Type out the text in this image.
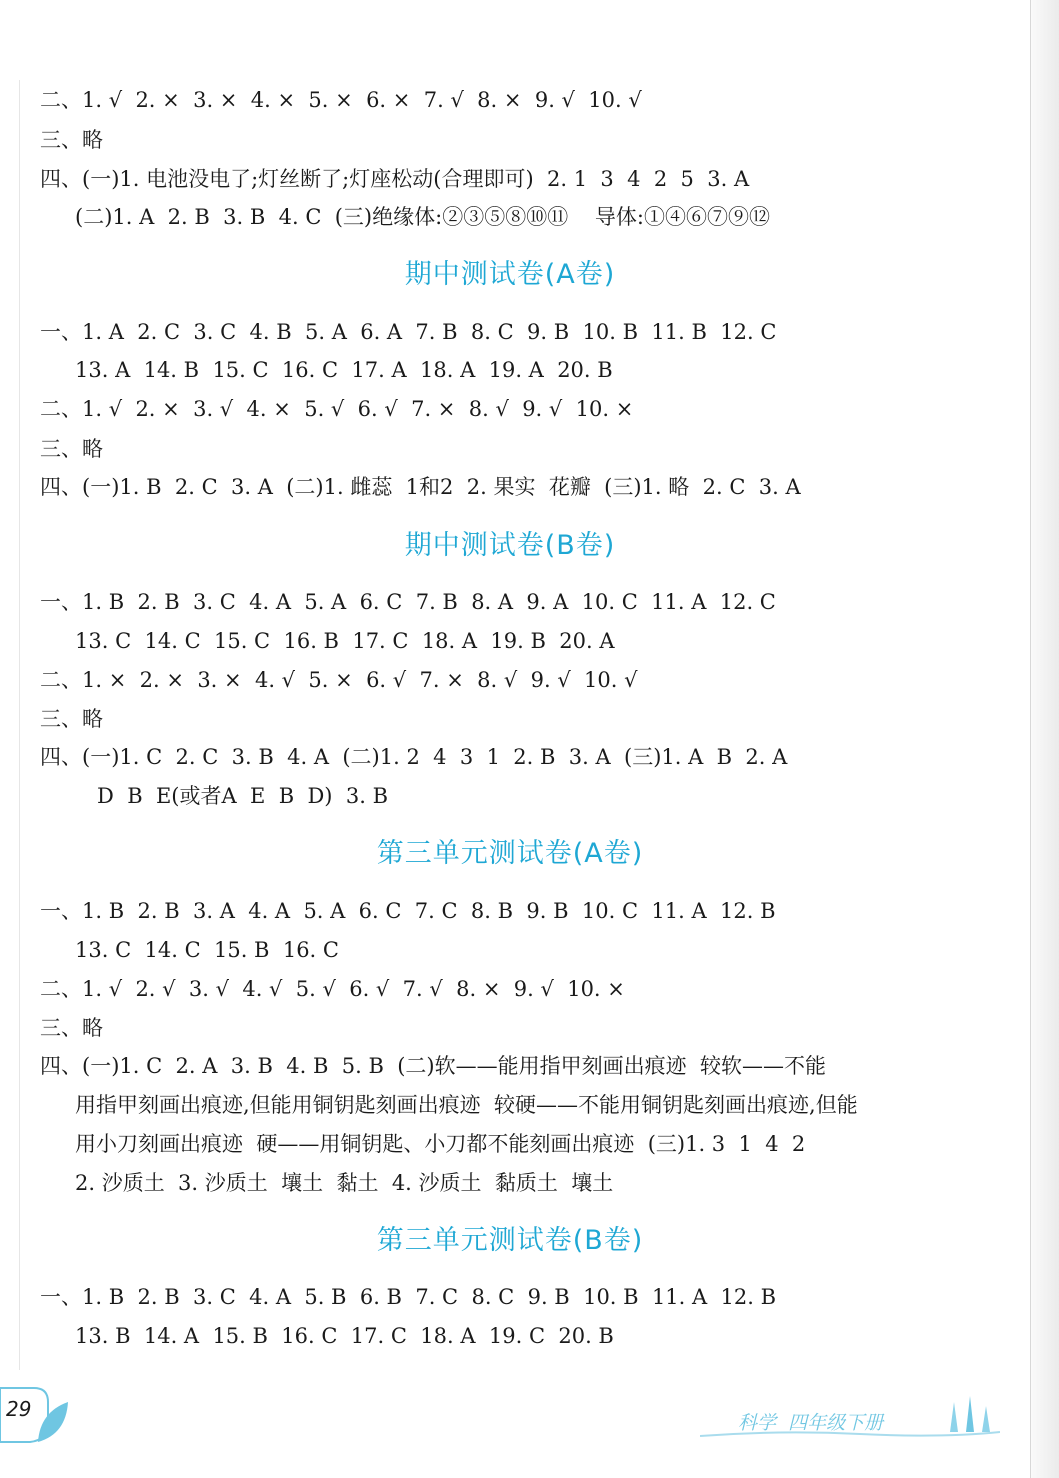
二、1. √  2. ×  3. ×  4. ×  5. ×  6. ×  7. √  8. ×  9. √  10. √
三、略
四、(一)1. 电池没电了;灯丝断了;灯座松动(合理即可)  2. 1  3  4  2  5  3. A
(二)1. A  2. B  3. B  4. C  (三)绝缘体:②③⑤⑧⑩⑪    导体:①④⑥⑦⑨⑫
期中测试卷(A卷)
一、1. A  2. C  3. C  4. B  5. A  6. A  7. B  8. C  9. B  10. B  11. B  12. C
13. A  14. B  15. C  16. C  17. A  18. A  19. A  20. B
二、1. √  2. ×  3. √  4. ×  5. √  6. √  7. ×  8. √  9. √  10. ×
三、略
四、(一)1. B  2. C  3. A  (二)1. 雌蕊  1和2  2. 果实  花瓣  (三)1. 略  2. C  3. A
期中测试卷(B卷)
一、1. B  2. B  3. C  4. A  5. A  6. C  7. B  8. A  9. A  10. C  11. A  12. C
13. C  14. C  15. C  16. B  17. C  18. A  19. B  20. A
二、1. ×  2. ×  3. ×  4. √  5. ×  6. √  7. ×  8. √  9. √  10. √
三、略
四、(一)1. C  2. C  3. B  4. A  (二)1. 2  4  3  1  2. B  3. A  (三)1. A  B  2. A
D  B  E(或者A  E  B  D)  3. B
第三单元测试卷(A卷)
一、1. B  2. B  3. A  4. A  5. A  6. C  7. C  8. B  9. B  10. C  11. A  12. B
13. C  14. C  15. B  16. C
二、1. √  2. √  3. √  4. √  5. √  6. √  7. √  8. ×  9. √  10. ×
三、略
四、(一)1. C  2. A  3. B  4. B  5. B  (二)软——能用指甲刻画出痕迹  较软——不能
用指甲刻画出痕迹,但能用铜钥匙刻画出痕迹  较硬——不能用铜钥匙刻画出痕迹,但能
用小刀刻画出痕迹  硬——用铜钥匙、小刀都不能刻画出痕迹  (三)1. 3  1  4  2
2. 沙质土  3. 沙质土  壤土  黏土  4. 沙质土  黏质土  壤土
第三单元测试卷(B卷)
一、1. B  2. B  3. C  4. A  5. B  6. B  7. C  8. C  9. B  10. B  11. A  12. B
13. B  14. A  15. B  16. C  17. C  18. A  19. C  20. B
29
科学 四年级下册
